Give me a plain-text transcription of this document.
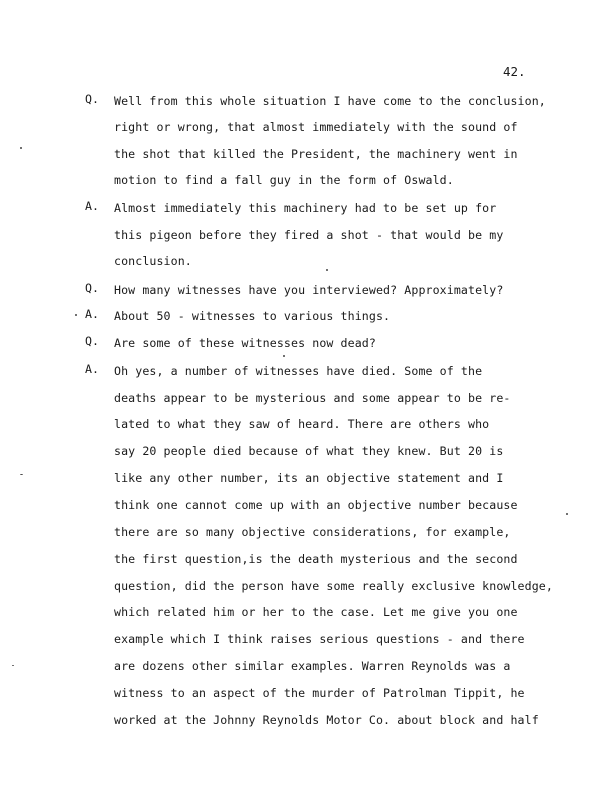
42.
Q. Well from this whole situation I have come to the conclusion,
right or wrong, that almost immediately with the sound of
the shot that killed the President, the machinery went in
motion to find a fall guy in the form of Oswald.
A. Almost immediately this machinery had to be set up for
this pigeon before they fired a shot - that would be my
conclusion.
Q. How many witnesses have you interviewed? Approximately?
A. About 50 - witnesses to various things.
Q. Are some of these witnesses now dead?
A. Oh yes, a number of witnesses have died. Some of the
deaths appear to be mysterious and some appear to be re-
lated to what they saw of heard. There are others who
say 20 people died because of what they knew. But 20 is
like any other number, its an objective statement and I
think one cannot come up with an objective number because
there are so many objective considerations, for example,
the first question,is the death mysterious and the second
question, did the person have some really exclusive knowledge,
which related him or her to the case. Let me give you one
example which I think raises serious questions - and there
are dozens other similar examples. Warren Reynolds was a
witness to an aspect of the murder of Patrolman Tippit, he
worked at the Johnny Reynolds Motor Co. about block and half
